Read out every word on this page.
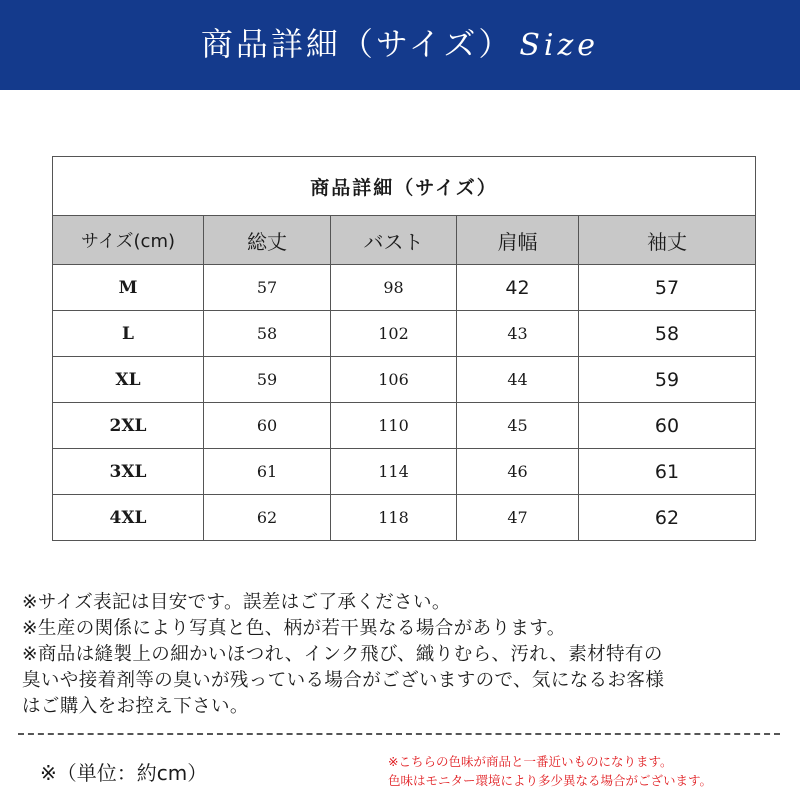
商品詳細（サイズ） Size
商品詳細（サイズ）				
サイズ(cm)	総丈	バスト	肩幅	袖丈
M	57	98	42	57
L	58	102	43	58
XL	59	106	44	59
2XL	60	110	45	60
3XL	61	114	46	61
4XL	62	118	47	62
※サイズ表記は目安です。誤差はご了承ください。
※生産の関係により写真と色、柄が若干異なる場合があります。
※商品は縫製上の細かいほつれ、インク飛び、織りむら、汚れ、素材特有の
臭いや接着剤等の臭いが残っている場合がございますので、気になるお客様
はご購入をお控え下さい。
※（単位：約cm）	※こちらの色味が商品と一番近いものになります。
色味はモニター環境により多少異なる場合がございます。
